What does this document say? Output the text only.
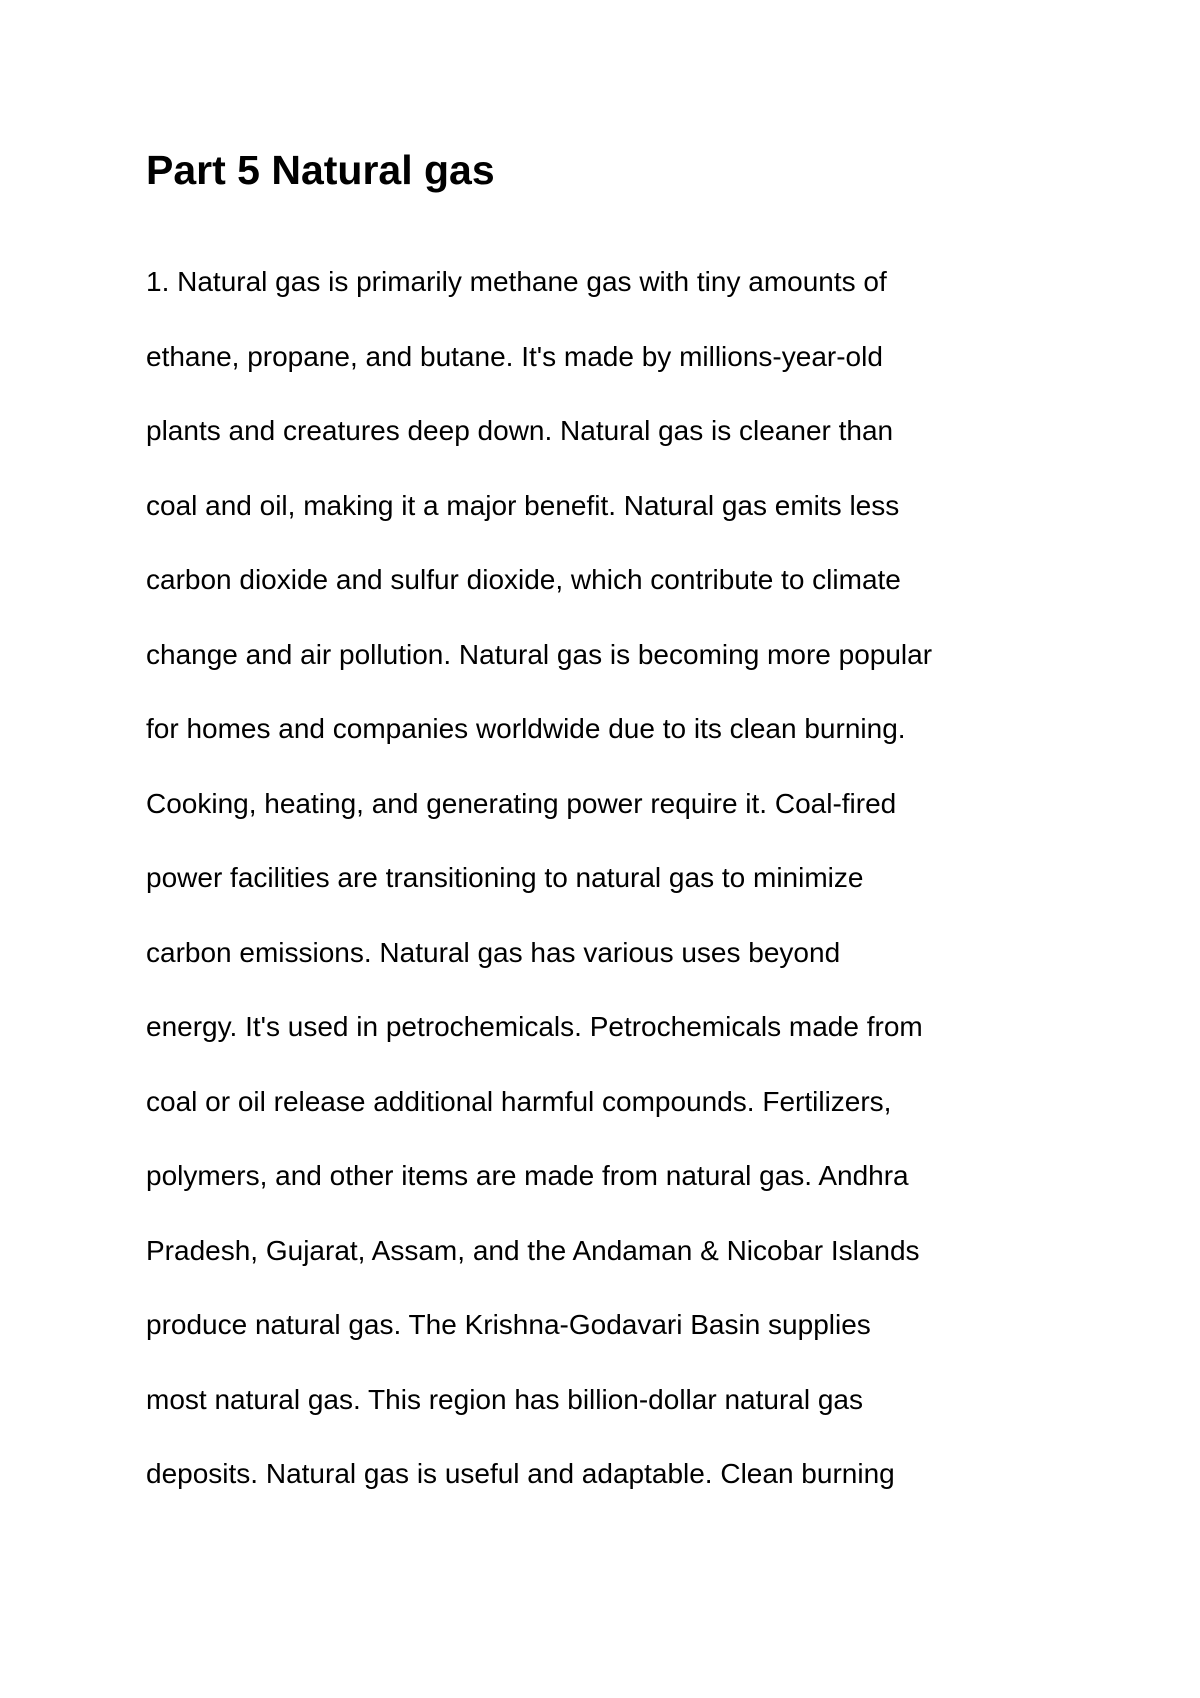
Part 5 Natural gas
1. Natural gas is primarily methane gas with tiny amounts of
ethane, propane, and butane. It's made by millions-year-old
plants and creatures deep down. Natural gas is cleaner than
coal and oil, making it a major benefit. Natural gas emits less
carbon dioxide and sulfur dioxide, which contribute to climate
change and air pollution. Natural gas is becoming more popular
for homes and companies worldwide due to its clean burning.
Cooking, heating, and generating power require it. Coal-fired
power facilities are transitioning to natural gas to minimize
carbon emissions. Natural gas has various uses beyond
energy. It's used in petrochemicals. Petrochemicals made from
coal or oil release additional harmful compounds. Fertilizers,
polymers, and other items are made from natural gas. Andhra
Pradesh, Gujarat, Assam, and the Andaman & Nicobar Islands
produce natural gas. The Krishna-Godavari Basin supplies
most natural gas. This region has billion-dollar natural gas
deposits. Natural gas is useful and adaptable. Clean burning
